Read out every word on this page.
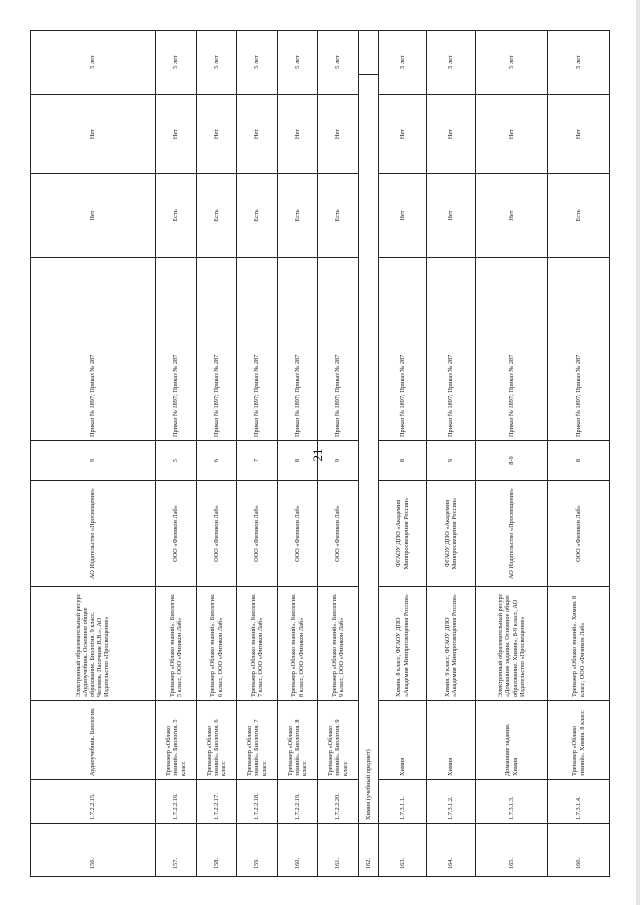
21
156.
1.7.2.2.15.
Аудиоучебник. Биология.
Электронный образовательный ресурс «Аудиоучебник. Основное общее образование. Биология. 9 класс. Человек. Пасечник В.В.», АО Издательство «Просвещение»
АО Издательство «Просвещение»
9
Приказ № 1897; Приказ № 287
Нет
Нет
5 лет
157.
1.7.2.2.16.
Тренажер «Облако знаний». Биология. 5 класс
Тренажер «Облако знаний». Биология. 5 класс, ООО «Физикон Лаб»
ООО «Физикон Лаб»
5
Приказ № 1897; Приказ № 287
Есть
Нет
5 лет
158.
1.7.2.2.17.
Тренажер «Облако знаний». Биология. 6 класс
Тренажер «Облако знаний». Биология. 6 класс, ООО «Физикон Лаб»
ООО «Физикон Лаб»
6
Приказ № 1897; Приказ № 287
Есть
Нет
5 лет
159.
1.7.2.2.18.
Тренажер «Облако знаний». Биология. 7 класс
Тренажер «Облако знаний». Биология. 7 класс, ООО «Физикон Лаб»
ООО «Физикон Лаб»
7
Приказ № 1897; Приказ № 287
Есть
Нет
5 лет
160.
1.7.2.2.19.
Тренажер «Облако знаний». Биология. 8 класс
Тренажер «Облако знаний». Биология. 8 класс, ООО «Физикон Лаб»
ООО «Физикон Лаб»
8
Приказ № 1897; Приказ № 287
Есть
Нет
5 лет
161.
1.7.2.2.20.
Тренажер «Облако знаний». Биология. 9 класс
Тренажер «Облако знаний». Биология. 9 класс, ООО «Физикон Лаб»
ООО «Физикон Лаб»
9
Приказ № 1897; Приказ № 287
Есть
Нет
5 лет
162.
Химия (учебный предмет)
163.
1.7.3.1.1.
Химия
Химия. 8 класс, ФГАОУ ДПО «Академия Минпросвещения России»
ФГАОУ ДПО «Академия Минпросвещения России»
8
Приказ № 1897; Приказ № 287
Нет
Нет
5 лет
164.
1.7.3.1.2.
Химия
Химия. 9 класс, ФГАОУ ДПО «Академия Минпросвещения России»
ФГАОУ ДПО «Академия Минпросвещения России»
9
Приказ № 1897; Приказ № 287
Нет
Нет
5 лет
165.
1.7.3.1.3.
Домашние задания. Химия
Электронный образовательный ресурс «Домашние задания. Основное общее образование. Химия», 8-9 класс, АО Издательство «Просвещение»
АО Издательство «Просвещение»
8-9
Приказ № 1897; Приказ № 287
Нет
Нет
5 лет
166.
1.7.3.1.4.
Тренажер «Облако знаний». Химия. 8 класс
Тренажер «Облако знаний». Химия. 8 класс, ООО «Физикон Лаб»
ООО «Физикон Лаб»
8
Приказ № 1897; Приказ № 287
Есть
Нет
5 лет
